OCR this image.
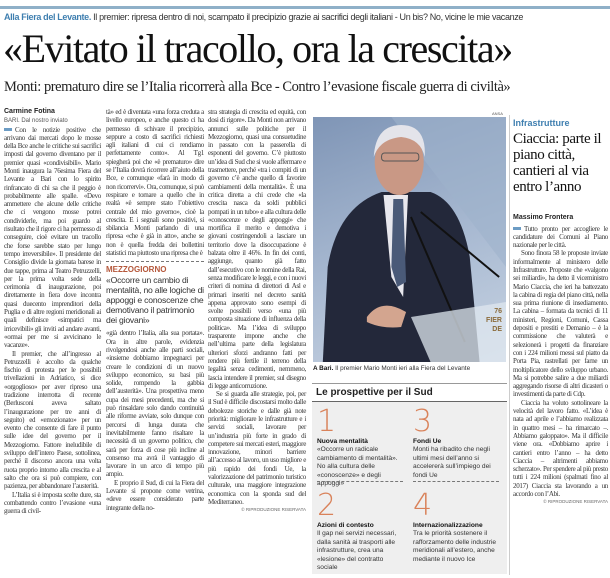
Alla Fiera del Levante. Il premier: ripresa dentro di noi, scampato il precipizio grazie ai sacrifici degli italiani - Un bis? No, vicine le mie vacanze
«Evitato il tracollo, ora la crescita»
Monti: prematuro dire se l’Italia ricorrerà alla Bce - Contro l’evasione fiscale guerra di civiltà»
Carmine Fotina
BARI. Dal nostro inviato

Con le notizie positive che arrivano dai mercati dopo le mosse della Bce anche le critiche sui sacrifici imposti dal governo diventano per il premier quasi «condivisibili». Mario Monti inaugura la 76esima Fiera del Levante a Bari con lo spirito rinfrancato di chi sa che il peggio è probabilmente alle spalle. «Devo ammettere che alcune delle critiche che ci vengono mosse potrei condividerle, ma poi guardo al risultato che il rigore ci ha permesso di conseguire, cioè evitare un tracollo che forse sarebbe stato per lungo tempo irreversibile». Il presidente del Consiglio divide la giornata barese in due tappe, prima al Teatro Petruzzelli, per la prima volta sede della cerimonia di inaugurazione, poi direttamente in fiera dove incontra quasi duecento imprenditori della Puglia e di altre regioni meridionali ai quali definisce «simpatici ma irricevibili» gli inviti ad andare avanti, «ormai per me si avvicinano le vacanze».

Il premier, che all’ingresso al Petruzzelli è accolto da qualche fischio di protesta per le possibili trivellazioni in Adriatico, si dice «orgoglioso» per aver ripreso una tradizione interrotta di recente (Berlusconi aveva saltato l’inaugurazione per tre anni di seguito) ed «emozionato» per un evento che consente di fare il punto sulle idee del governo per il Mezzogiorno. Fattore ineludibile di sviluppo dell’intero Paese, sottolinea, perché il discorso ancora una volta ruota proprio intorno alla crescita e al salto che ora si può compiere, con pazienza, per abbandonare l’austerità.

L’Italia si è imposta scelte dure, sta combattendo contro l’evasione «una guerra di civil-

tà» ed è diventata «una forza creduta a livello europeo, e anche questo ci ha permesso di schivare il precipizio, seppure a costo di sacrifici richiesti agli italiani di cui ci rendiamo perfettamente conto». Al Tg1 spiegherà poi che «è prematuro» dire se l’Italia dovrà ricorrere all’aiuto della Bce, e comunque «farà in modo di non ricorrervi». Ora, comunque, si può respirare e tornare a quello che in realtà «è sempre stato l’obiettivo centrale del mio governo», cioè la crescita. E i segnali sono positivi, si sbilancia Monti parlando di una ripresa «che è già in atto», anche se non è quella fredda dei bollettini statistici ma piuttosto una ripresa che è

MEZZOGIORNO
«Occorre un cambio di mentalità, no alle logiche di appoggi e conoscenze che demotivano il patrimonio dei giovani»

«già dentro l’Italia, alla sua portata». Ora in altre parole, evidenzia rivolgendosi anche alle parti sociali, «insieme dobbiamo impegnarci per creare le condizioni di un nuovo sviluppo economico, su basi più solide, rompendo la gabbia dell’austerità». Una prospettiva meno cupa dei mesi precedenti, ma che si può rinsaldare solo dando continuità alle riforme avviate, solo dunque con percorsi di lunga durata che inevitabilmente fanno risaltare la necessità di un governo politico, che sarà per forza di cose più incline al consenso ma avrà il vantaggio di lavorare in un arco di tempo più ampio.

E proprio il Sud, di cui la Fiera del Levante si propone come vetrina, «deve essere considerato parte integrante della no-

stra strategia di crescita ed equità, con dosi di rigore». Da Monti non arrivano annunci sulle politiche per il Mezzogiorno, quasi una consuetudine in passato con la passerella di esponenti del governo. C’è piuttosto un’idea di Sud che si vuole affermare e trasmettere, perché «tra i compiti di un governo c’è anche quello di favorire cambiamenti della mentalità». È una critica diretta a chi crede che «la crescita nasca da soldi pubblici pompati in un tubo» e alla cultura delle «conoscenze e degli appoggi» che mortifica il merito e demotiva i giovani costringendoli a lasciare un territorio dove la disoccupazione è balzata oltre il 46%. In fin dei conti, aggiunge, quanto già fatto dall’esecutivo con le nomine della Rai, senza modificare le leggi, e con i nuovi criteri di nomina di direttori di Asl e primari inseriti nel decreto sanità appena approvato sono esempi di svolte possibili verso «una più composta situazione di influenza della politica». Ma l’idea di sviluppo trasparente impone anche che nell’ultima parte della legislatura ulteriori sforzi andranno fatti per rendere più fertile il terreno della legalità senza cedimenti, nemmeno, lascia intendere il premier, sul disegno di legge anticorruzione.

Se si guarda alle strategie, poi, per il Sud è difficile discostarsi molto dalle debolezze storiche e dalle già note priorità: migliorare le infrastrutture e i servizi sociali, lavorare per un’industria più forte in grado di competere sui mercati esteri, maggiore innovazione, minori barriere all’accesso al lavoro, un uso migliore e più rapido dei fondi Ue, la valorizzazione del patrimonio turistico culturale, una maggiore integrazione economica con la sponda sud del Mediterraneo.

© RIPRODUZIONE RISERVATA
ANSA
76
FIER
DE
A Bari. Il premier Mario Monti ieri alla Fiera del Levante
Le prospettive per il Sud
1
Nuova mentalità
«Occorre un radicale cambiamento di mentalità». No alla cultura delle «conoscenze» e degli appoggi»
2
Azioni di contesto
Il gap nei servizi necessari, dalla sanità ai trasporti alle infrastrutture, crea una «lesione» del contratto sociale
3
Fondi Ue
Monti ha ribadito che negli ultimi mesi dell’anno si accelererà sull’impiego dei fondi Ue
4
Internazionalizzazione
Tra le priorità sostenere il rafforzamento delle industrie meridionali all’estero, anche mediante il nuovo Ice
Infrastrutture
Ciaccia: parte il piano città, cantieri al via entro l’anno
Massimo Frontera

Tutto pronto per accogliere le candidature dei Comuni al Piano nazionale per le città.

Sono finora 58 le proposte inviate informalmente al ministero delle Infrastrutture. Proposte che «valgono sei miliardi», ha detto il viceministro Mario Ciaccia, che ieri ha battezzato la cabina di regia del piano città, nella sua prima riunione di insediamento. La cabina – formata da tecnici di 11 ministeri, Regioni, Comuni, Cassa depositi e prestiti e Demanio – è la commissione che valuterà e selezionerà i progetti da finanziare con i 224 milioni messi sul piatto da Porta Pia, rastrellati per farne un moltiplicatore dello sviluppo urbano. Ma si potrebbe salire a due miliardi aggregando risorse di altri dicasteri o investimenti da parte di Cdp.

Ciaccia ha voluto sottolineare la velocità del lavoro fatto. «L’idea è nata ad aprile e l’abbiamo realizzata in quattro mesi – ha rimarcato –. Abbiamo galoppato». Ma il difficile viene ora. «Dobbiamo aprire i cantieri entro l’anno – ha detto Ciaccia – altrimenti abbiamo scherzato». Per spendere al più presto tutti i 224 milioni (spalmati fino al 2017) Ciaccia sta lavorando a un accordo con l’Abi.

© RIPRODUZIONE RISERVATA
